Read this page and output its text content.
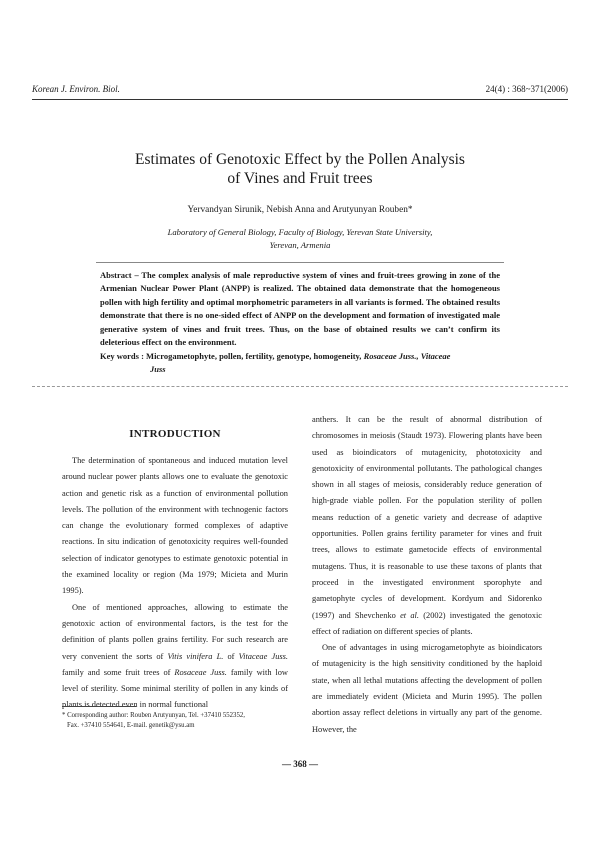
Korean J. Environ. Biol.	24(4) : 368~371(2006)
Estimates of Genotoxic Effect by the Pollen Analysis
of Vines and Fruit trees
Yervandyan Sirunik, Nebish Anna and Arutyunyan Rouben*
Laboratory of General Biology, Faculty of Biology, Yerevan State University,
Yerevan, Armenia
Abstract – The complex analysis of male reproductive system of vines and fruit-trees growing in zone of the Armenian Nuclear Power Plant (ANPP) is realized. The obtained data demonstrate that the homogeneous pollen with high fertility and optimal morphometric parameters in all variants is formed. The obtained results demonstrate that there is no one-sided effect of ANPP on the development and formation of investigated male generative system of vines and fruit trees. Thus, on the base of obtained results we can’t confirm its deleterious effect on the environment.
Key words : Microgametophyte, pollen, fertility, genotype, homogeneity, Rosaceae Juss., Vitaceae
Juss
INTRODUCTION

The determination of spontaneous and induced mutation level around nuclear power plants allows one to evaluate the genotoxic action and genetic risk as a function of environmental pollution levels. The pollution of the environment with technogenic factors can change the evolutionary formed complexes of adaptive reactions. In situ indication of genotoxicity requires well-founded selection of indicator genotypes to estimate genotoxic potential in the examined locality or region (Ma 1979; Micieta and Murin 1995).

One of mentioned approaches, allowing to estimate the genotoxic action of environmental factors, is the test for the definition of plants pollen grains fertility. For such research are very convenient the sorts of Vitis vinifera L. of Vitaceae Juss. family and some fruit trees of Rosaceae Juss. family with low level of sterility. Some minimal sterility of pollen in any kinds of plants is detected even in normal functional

anthers. It can be the result of abnormal distribution of chromosomes in meiosis (Staudt 1973). Flowering plants have been used as bioindicators of mutagenicity, phototoxicity and genotoxicity of environmental pollutants. The pathological changes shown in all stages of meiosis, considerably reduce generation of high-grade viable pollen. For the population sterility of pollen means reduction of a genetic variety and decrease of adaptive opportunities. Pollen grains fertility parameter for vines and fruit trees, allows to estimate gametocide effects of environmental mutagens. Thus, it is reasonable to use these taxons of plants that proceed in the investigated environment sporophyte and gametophyte cycles of development. Kordyum and Sidorenko (1997) and Shevchenko et al. (2002) investigated the genotoxic effect of radiation on different species of plants.

One of advantages in using microgametophyte as bioindicators of mutagenicity is the high sensitivity conditioned by the haploid state, when all lethal mutations affecting the development of pollen are immediately evident (Micieta and Murin 1995). The pollen abortion assay reflect deletions in virtually any part of the genome. However, the

* Corresponding author: Rouben Arutyunyan, Tel. +37410 552352,
Fax. +37410 554641, E-mail. genetik@ysu.am
— 368 —
